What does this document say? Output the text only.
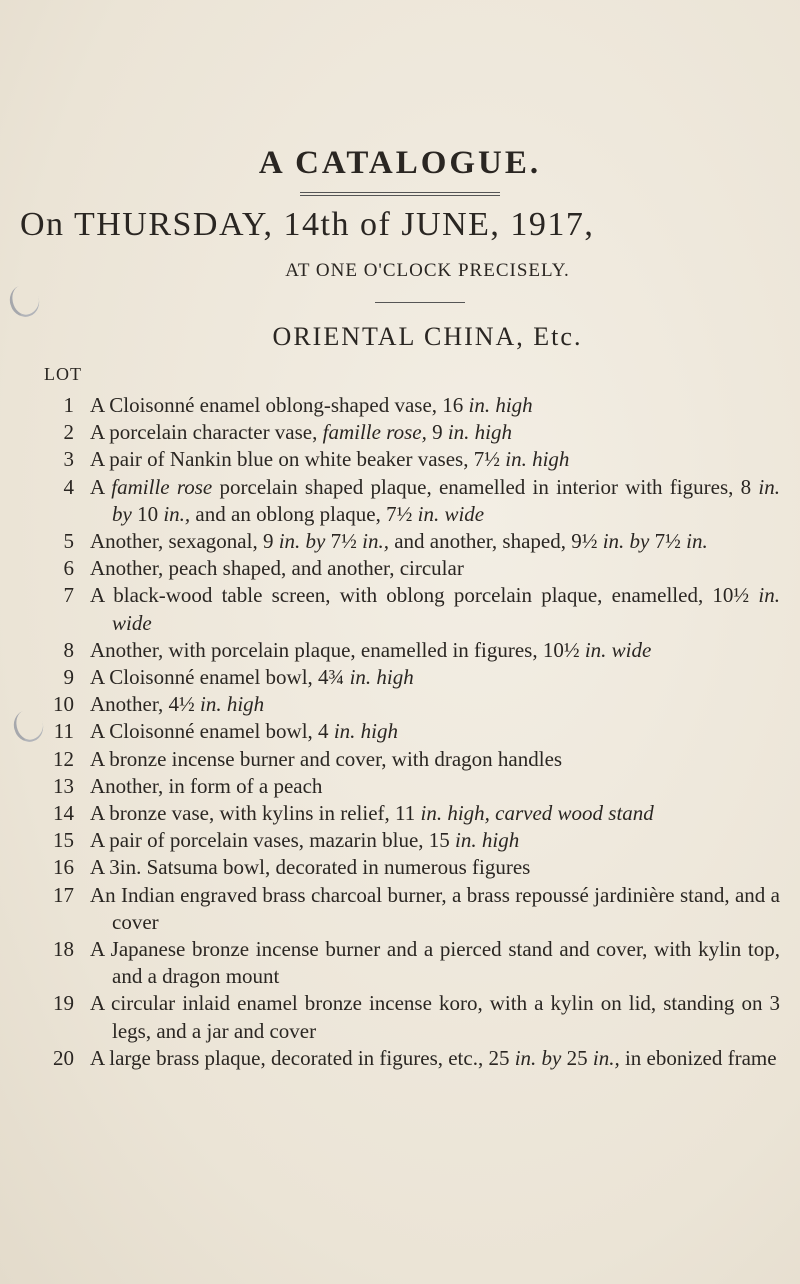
A CATALOGUE.
On THURSDAY, 14th of JUNE, 1917,
AT ONE O'CLOCK PRECISELY.
ORIENTAL CHINA, Etc.
LOT
1 A Cloisonné enamel oblong-shaped vase, 16 in. high
2 A porcelain character vase, famille rose, 9 in. high
3 A pair of Nankin blue on white beaker vases, 7½ in. high
4 A famille rose porcelain shaped plaque, enamelled in interior with figures, 8 in. by 10 in., and an oblong plaque, 7½ in. wide
5 Another, sexagonal, 9 in. by 7½ in., and another, shaped, 9½ in. by 7½ in.
6 Another, peach shaped, and another, circular
7 A black-wood table screen, with oblong porcelain plaque, enamelled, 10½ in. wide
8 Another, with porcelain plaque, enamelled in figures, 10½ in. wide
9 A Cloisonné enamel bowl, 4¾ in. high
10 Another, 4½ in. high
11 A Cloisonné enamel bowl, 4 in. high
12 A bronze incense burner and cover, with dragon handles
13 Another, in form of a peach
14 A bronze vase, with kylins in relief, 11 in. high, carved wood stand
15 A pair of porcelain vases, mazarin blue, 15 in. high
16 A 3in. Satsuma bowl, decorated in numerous figures
17 An Indian engraved brass charcoal burner, a brass repoussé jardinière stand, and a cover
18 A Japanese bronze incense burner and a pierced stand and cover, with kylin top, and a dragon mount
19 A circular inlaid enamel bronze incense koro, with a kylin on lid, standing on 3 legs, and a jar and cover
20 A large brass plaque, decorated in figures, etc., 25 in. by 25 in., in ebonized frame
